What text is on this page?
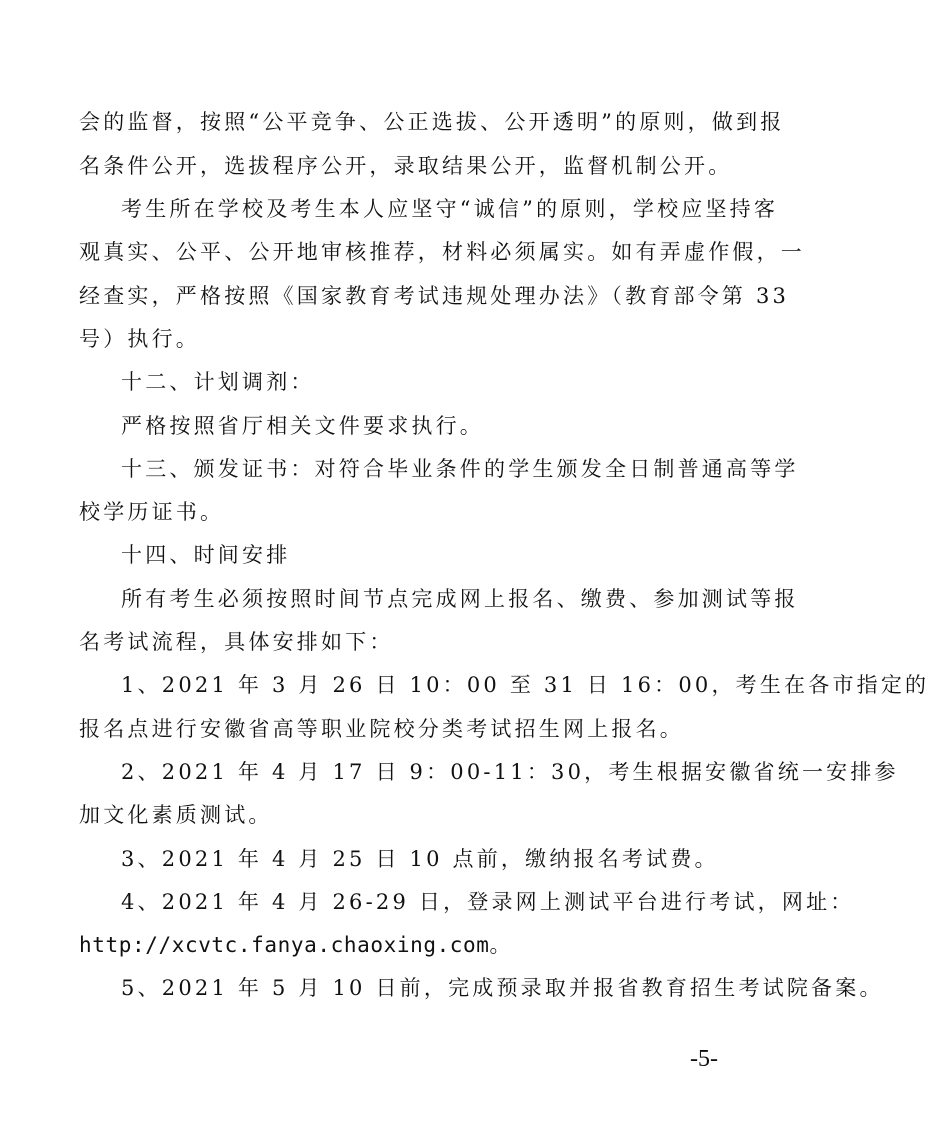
会的监督，按照“公平竞争、公正选拔、公开透明”的原则，做到报
名条件公开，选拔程序公开，录取结果公开，监督机制公开。
考生所在学校及考生本人应坚守“诚信”的原则，学校应坚持客
观真实、公平、公开地审核推荐，材料必须属实。如有弄虚作假，一
经查实，严格按照《国家教育考试违规处理办法》（教育部令第 33
号）执行。
十二、计划调剂：
严格按照省厅相关文件要求执行。
十三、颁发证书：对符合毕业条件的学生颁发全日制普通高等学
校学历证书。
十四、时间安排
所有考生必须按照时间节点完成网上报名、缴费、参加测试等报
名考试流程，具体安排如下：
1、2021 年 3 月 26 日 10：00 至 31 日 16：00，考生在各市指定的
报名点进行安徽省高等职业院校分类考试招生网上报名。
2、2021 年 4 月 17 日 9：00-11：30，考生根据安徽省统一安排参
加文化素质测试。
3、2021 年 4 月 25 日 10 点前，缴纳报名考试费。
4、2021 年 4 月 26-29 日，登录网上测试平台进行考试，网址：
http://xcvtc.fanya.chaoxing.com。
5、2021 年 5 月 10 日前，完成预录取并报省教育招生考试院备案。
-5-
